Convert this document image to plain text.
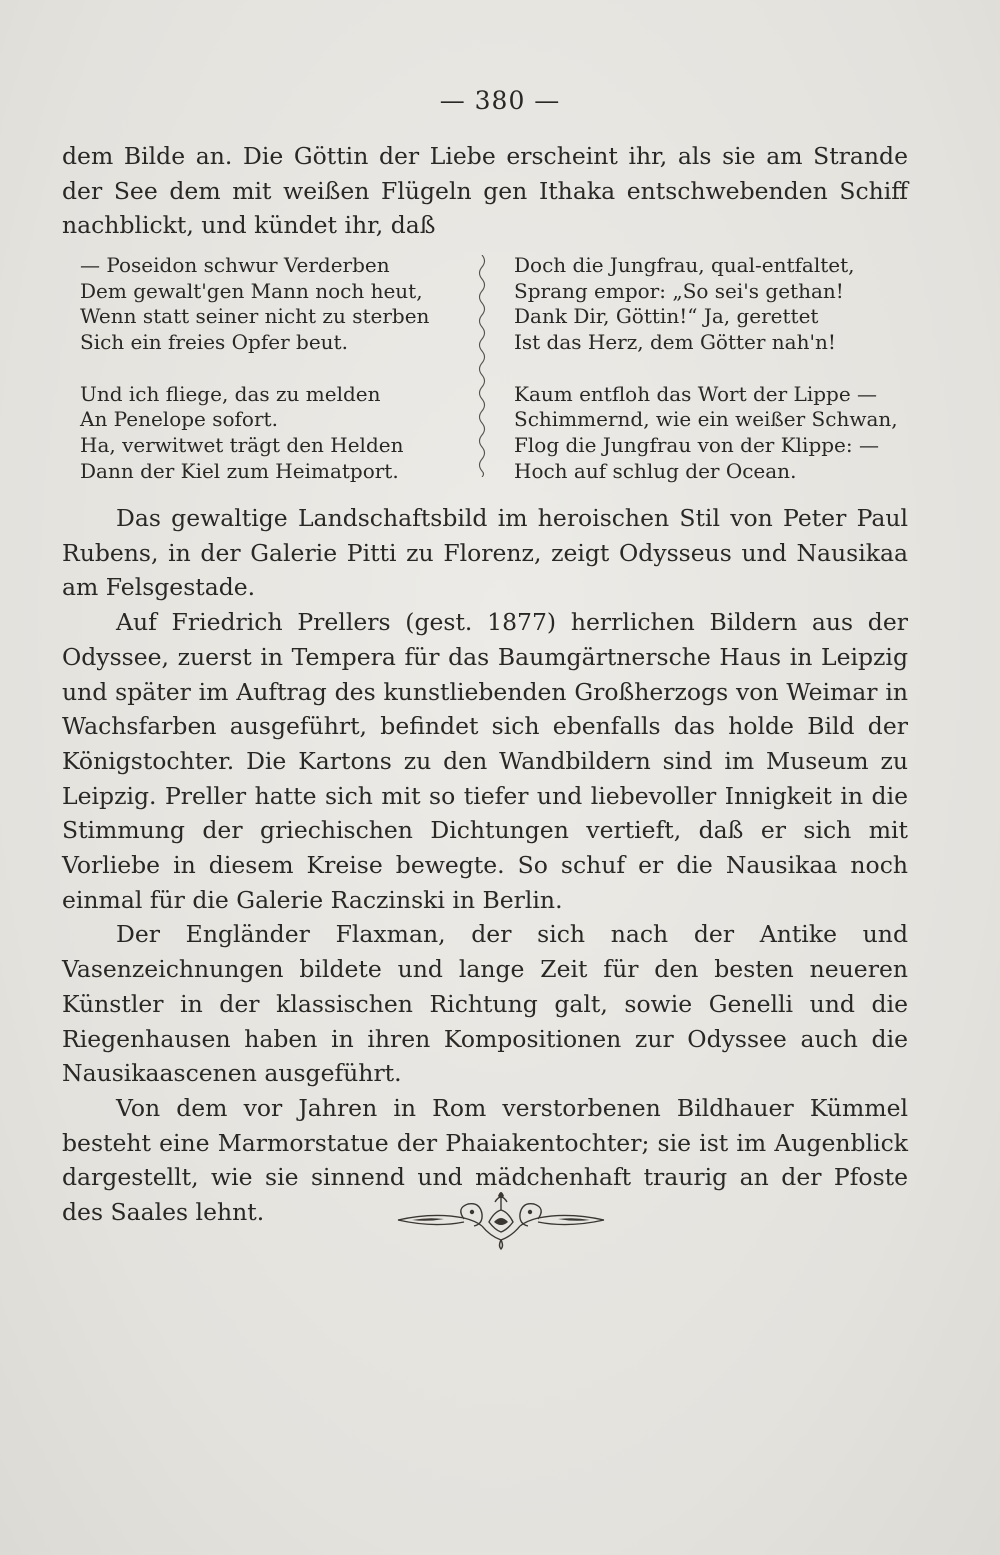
— 380 —

dem Bilde an. Die Göttin der Liebe erscheint ihr, als sie am Strande der See dem mit weißen Flügeln gen Ithaka entschwebenden Schiff nachblickt, und kündet ihr, daß

— Poseidon schwur Verderben
Dem gewalt'gen Mann noch heut,
Wenn statt seiner nicht zu sterben
Sich ein freies Opfer beut.
Und ich fliege, das zu melden
An Penelope sofort.
Ha, verwitwet trägt den Helden
Dann der Kiel zum Heimatport.
Doch die Jungfrau, qual-entfaltet,
Sprang empor: „So sei's gethan!
Dank Dir, Göttin!“ Ja, gerettet
Ist das Herz, dem Götter nah'n!
Kaum entfloh das Wort der Lippe —
Schimmernd, wie ein weißer Schwan,
Flog die Jungfrau von der Klippe: —
Hoch auf schlug der Ocean.

Das gewaltige Landschaftsbild im heroischen Stil von Peter Paul Rubens, in der Galerie Pitti zu Florenz, zeigt Odysseus und Nausikaa am Felsgestade.

Auf Friedrich Prellers (gest. 1877) herrlichen Bildern aus der Odyssee, zuerst in Tempera für das Baumgärtnersche Haus in Leipzig und später im Auftrag des kunstliebenden Großherzogs von Weimar in Wachsfarben ausgeführt, befindet sich ebenfalls das holde Bild der Königstochter. Die Kartons zu den Wandbildern sind im Museum zu Leipzig. Preller hatte sich mit so tiefer und liebevoller Innigkeit in die Stimmung der griechischen Dichtungen vertieft, daß er sich mit Vorliebe in diesem Kreise bewegte. So schuf er die Nausikaa noch einmal für die Galerie Raczinski in Berlin.

Der Engländer Flaxman, der sich nach der Antike und Vasenzeichnungen bildete und lange Zeit für den besten neueren Künstler in der klassischen Richtung galt, sowie Genelli und die Riegenhausen haben in ihren Kompositionen zur Odyssee auch die Nausikaascenen ausgeführt.

Von dem vor Jahren in Rom verstorbenen Bildhauer Kümmel besteht eine Marmorstatue der Phaiakentochter; sie ist im Augenblick dargestellt, wie sie sinnend und mädchenhaft traurig an der Pfoste des Saales lehnt.
